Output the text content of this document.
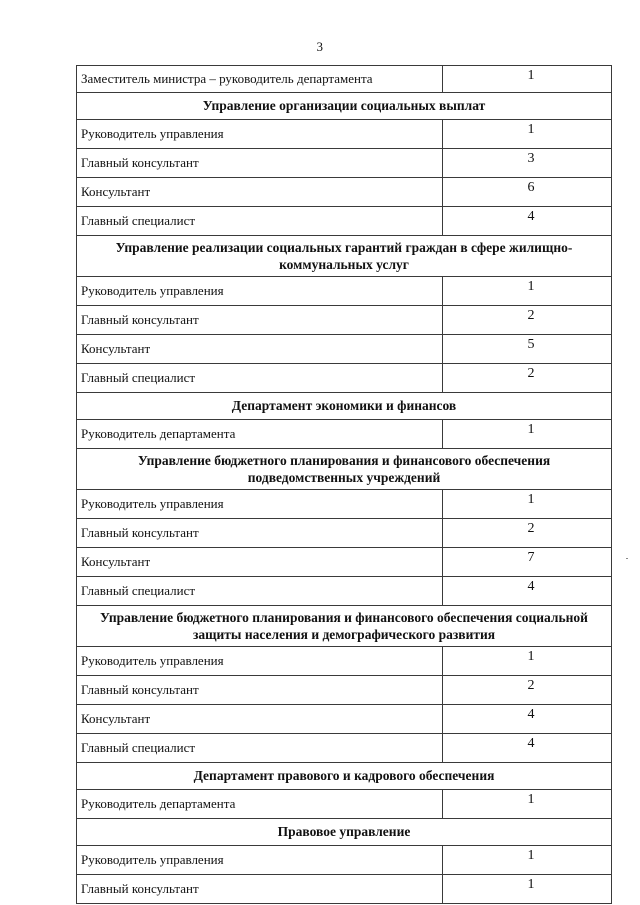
3
Заместитель министра – руководитель департамента	1
Управление организации социальных выплат	
Руководитель управления	1
Главный консультант	3
Консультант	6
Главный специалист	4
Управление реализации социальных гарантий граждан в сфере жилищно-коммунальных услуг	
Руководитель управления	1
Главный консультант	2
Консультант	5
Главный специалист	2
Департамент экономики и финансов	
Руководитель департамента	1
Управление бюджетного планирования и финансового обеспечения подведомственных учреждений	
Руководитель управления	1
Главный консультант	2
Консультант	7
Главный специалист	4
Управление бюджетного планирования и финансового обеспечения социальной защиты населения и демографического развития	
Руководитель управления	1
Главный консультант	2
Консультант	4
Главный специалист	4
Департамент правового и кадрового обеспечения	
Руководитель департамента	1
Правовое управление	
Руководитель управления	1
Главный консультант	1
